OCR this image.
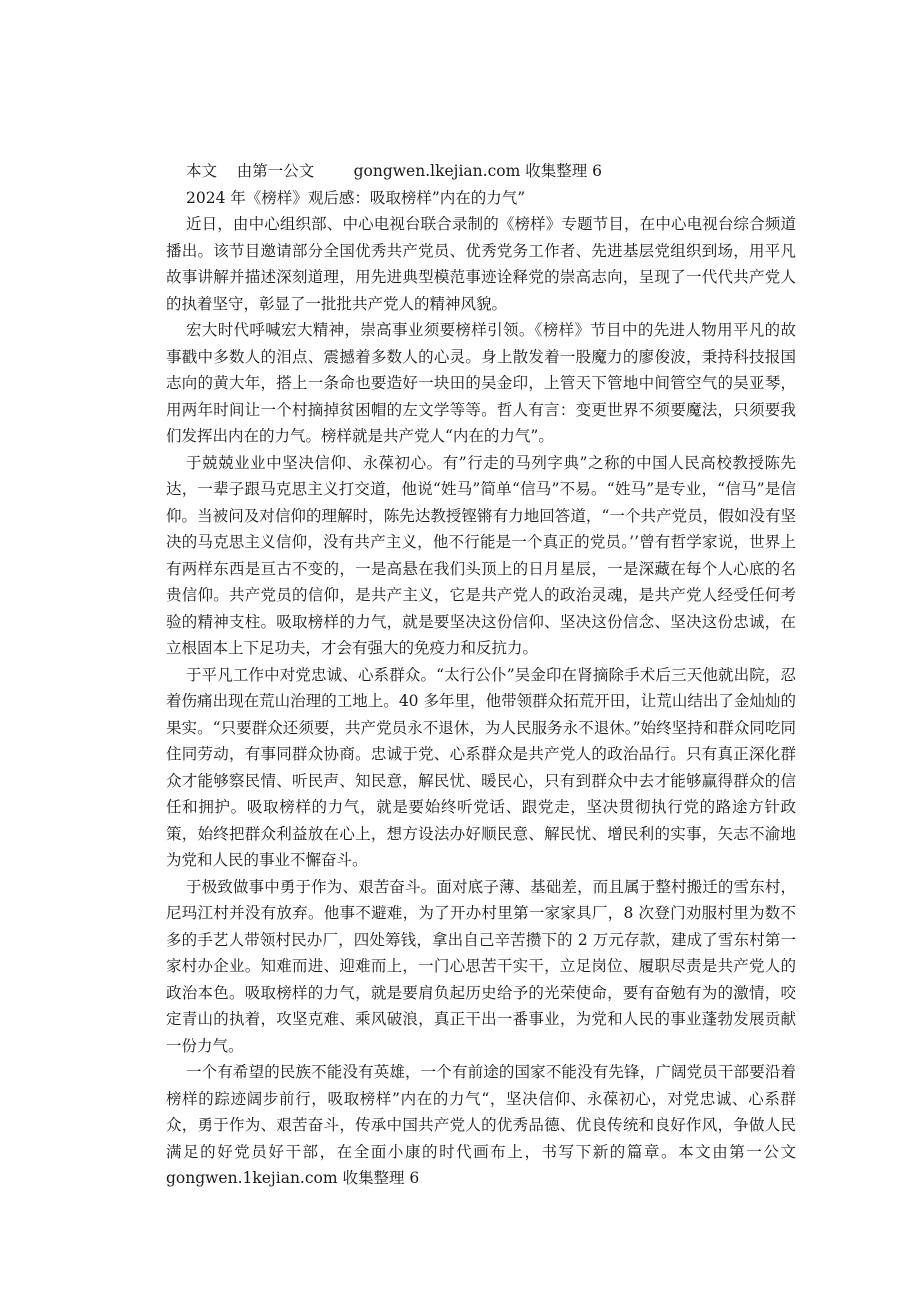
本文    由第一公文        gongwen.lkejian.com 收集整理 6
2024 年《榜样》观后感：吸取榜样”内在的力气”

近日，由中心组织部、中心电视台联合录制的《榜样》专题节目，在中心电视台综合频道播出。该节目邀请部分全国优秀共产党员、优秀党务工作者、先进基层党组织到场，用平凡故事讲解并描述深刻道理，用先进典型模范事迹诠释党的崇高志向，呈现了一代代共产党人的执着坚守，彰显了一批批共产党人的精神风貌。

宏大时代呼喊宏大精神，崇高事业须要榜样引领。《榜样》节目中的先进人物用平凡的故事戳中多数人的泪点、震撼着多数人的心灵。身上散发着一股魔力的廖俊波，秉持科技报国志向的黄大年，搭上一条命也要造好一块田的吴金印，上管天下管地中间管空气的吴亚琴，用两年时间让一个村摘掉贫困帽的左文学等等。哲人有言：变更世界不须要魔法，只须要我们发挥出内在的力气。榜样就是共产党人“内在的力气”。

于兢兢业业中坚决信仰、永葆初心。有”行走的马列字典”之称的中国人民高校教授陈先达，一辈子跟马克思主义打交道，他说“姓马”简单“信马”不易。“姓马”是专业，“信马”是信仰。当被问及对信仰的理解时，陈先达教授铿锵有力地回答道，“一个共产党员，假如没有坚决的马克思主义信仰，没有共产主义，他不行能是一个真正的党员。’’曾有哲学家说，世界上有两样东西是亘古不变的，一是高悬在我们头顶上的日月星辰，一是深藏在每个人心底的名贵信仰。共产党员的信仰，是共产主义，它是共产党人的政治灵魂，是共产党人经受任何考验的精神支柱。吸取榜样的力气，就是要坚决这份信仰、坚决这份信念、坚决这份忠诚，在立根固本上下足功夫，才会有强大的免疫力和反抗力。

于平凡工作中对党忠诚、心系群众。“太行公仆”吴金印在肾摘除手术后三天他就出院，忍着伤痛出现在荒山治理的工地上。40 多年里，他带领群众拓荒开田，让荒山结出了金灿灿的果实。“只要群众还须要，共产党员永不退休，为人民服务永不退休。”始终坚持和群众同吃同住同劳动，有事同群众协商。忠诚于党、心系群众是共产党人的政治品行。只有真正深化群众才能够察民情、听民声、知民意，解民忧、暖民心，只有到群众中去才能够赢得群众的信任和拥护。吸取榜样的力气，就是要始终听党话、跟党走，坚决贯彻执行党的路途方针政策，始终把群众利益放在心上，想方设法办好顺民意、解民忧、增民利的实事，矢志不渝地为党和人民的事业不懈奋斗。

于极致做事中勇于作为、艰苦奋斗。面对底子薄、基础差，而且属于整村搬迁的雪东村，尼玛江村并没有放弃。他事不避难，为了开办村里第一家家具厂，8 次登门劝服村里为数不多的手艺人带领村民办厂，四处筹钱，拿出自己辛苦攒下的 2 万元存款，建成了雪东村第一家村办企业。知难而进、迎难而上，一门心思苦干实干，立足岗位、履职尽责是共产党人的政治本色。吸取榜样的力气，就是要肩负起历史给予的光荣使命，要有奋勉有为的激情，咬定青山的执着，攻坚克难、乘风破浪，真正干出一番事业，为党和人民的事业蓬勃发展贡献一份力气。

一个有希望的民族不能没有英雄，一个有前途的国家不能没有先锋，广阔党员干部要沿着榜样的踪迹阔步前行，吸取榜样”内在的力气“，坚决信仰、永葆初心，对党忠诚、心系群众，勇于作为、艰苦奋斗，传承中国共产党人的优秀品德、优良传统和良好作风，争做人民满足的好党员好干部，在全面小康的时代画布上，书写下新的篇章。本文由第一公文 gongwen.1kejian.com 收集整理 6
